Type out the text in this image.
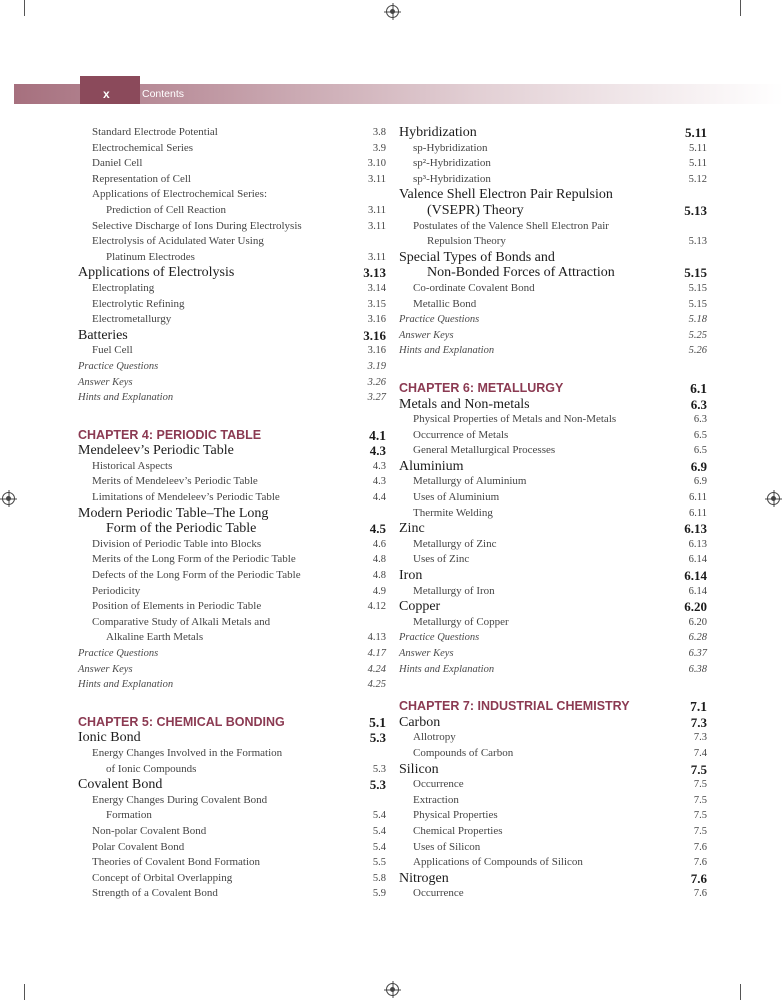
x	Contents
Standard Electrode Potential	3.8
Electrochemical Series	3.9
Daniel Cell	3.10
Representation of Cell	3.11
Applications of Electrochemical Series:
Prediction of Cell Reaction	3.11
Selective Discharge of Ions During Electrolysis	3.11
Electrolysis of Acidulated Water Using
Platinum Electrodes	3.11
Applications of Electrolysis	3.13
Electroplating	3.14
Electrolytic Refining	3.15
Electrometallurgy	3.16
Batteries	3.16
Fuel Cell	3.16
Practice Questions	3.19
Answer Keys	3.26
Hints and Explanation	3.27
CHAPTER 4: PERIODIC TABLE	4.1
Mendeleev’s Periodic Table	4.3
Historical Aspects	4.3
Merits of Mendeleev’s Periodic Table	4.3
Limitations of Mendeleev’s Periodic Table	4.4
Modern Periodic Table–The Long
Form of the Periodic Table	4.5
Division of Periodic Table into Blocks	4.6
Merits of the Long Form of the Periodic Table	4.8
Defects of the Long Form of the Periodic Table	4.8
Periodicity	4.9
Position of Elements in Periodic Table	4.12
Comparative Study of Alkali Metals and
Alkaline Earth Metals	4.13
Practice Questions	4.17
Answer Keys	4.24
Hints and Explanation	4.25
CHAPTER 5: CHEMICAL BONDING	5.1
Ionic Bond	5.3
Energy Changes Involved in the Formation
of Ionic Compounds	5.3
Covalent Bond	5.3
Energy Changes During Covalent Bond
Formation	5.4
Non-polar Covalent Bond	5.4
Polar Covalent Bond	5.4
Theories of Covalent Bond Formation	5.5
Concept of Orbital Overlapping	5.8
Strength of a Covalent Bond	5.9
Hybridization	5.11
sp-Hybridization	5.11
sp²-Hybridization	5.11
sp³-Hybridization	5.12
Valence Shell Electron Pair Repulsion
(VSEPR) Theory	5.13
Postulates of the Valence Shell Electron Pair
Repulsion Theory	5.13
Special Types of Bonds and
Non-Bonded Forces of Attraction	5.15
Co-ordinate Covalent Bond	5.15
Metallic Bond	5.15
Practice Questions	5.18
Answer Keys	5.25
Hints and Explanation	5.26
CHAPTER 6: METALLURGY	6.1
Metals and Non-metals	6.3
Physical Properties of Metals and Non-Metals	6.3
Occurrence of Metals	6.5
General Metallurgical Processes	6.5
Aluminium	6.9
Metallurgy of Aluminium	6.9
Uses of Aluminium	6.11
Thermite Welding	6.11
Zinc	6.13
Metallurgy of Zinc	6.13
Uses of Zinc	6.14
Iron	6.14
Metallurgy of Iron	6.14
Copper	6.20
Metallurgy of Copper	6.20
Practice Questions	6.28
Answer Keys	6.37
Hints and Explanation	6.38
CHAPTER 7: INDUSTRIAL CHEMISTRY	7.1
Carbon	7.3
Allotropy	7.3
Compounds of Carbon	7.4
Silicon	7.5
Occurrence	7.5
Extraction	7.5
Physical Properties	7.5
Chemical Properties	7.5
Uses of Silicon	7.6
Applications of Compounds of Silicon	7.6
Nitrogen	7.6
Occurrence	7.6
